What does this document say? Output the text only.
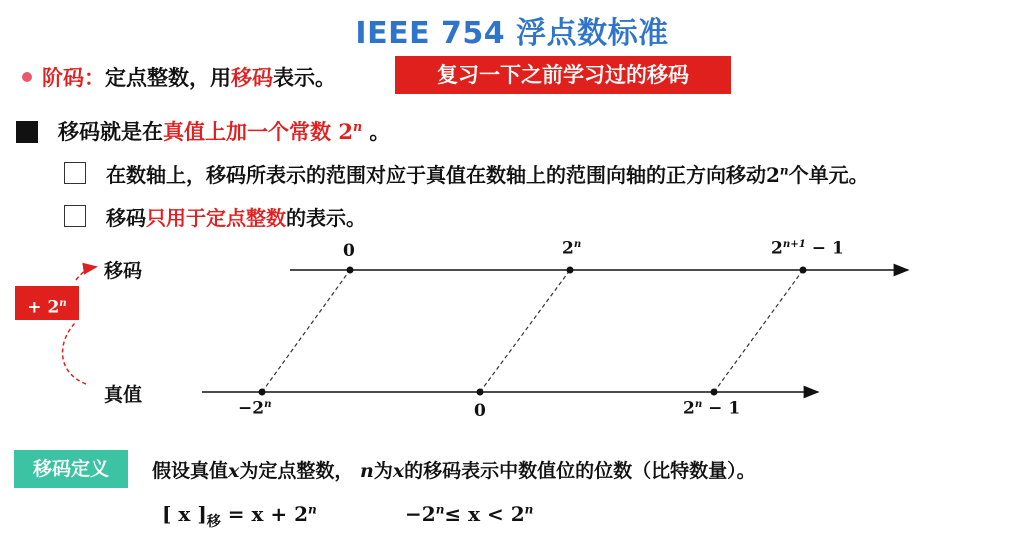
IEEE 754 浮点数标准
阶码：定点整数，用移码表示。	复习一下之前学习过的移码
移码就是在真值上加一个常数 2$^n$ 。
在数轴上，移码所表示的范围对应于真值在数轴上的范围向轴的正方向移动2$^n$个单元。
移码只用于定点整数的表示。
移码
真值
+ $2^n$
0	2$^n$	$2^{n+1} - 1$
$-2^n$	0	$2^n - 1$
移码定义	假设真值x为定点整数， n为x的移码表示中数值位的位数（比特数量）。
[ x ]$_移 = x + 2^n$	$-2^n\le x < 2^n$
